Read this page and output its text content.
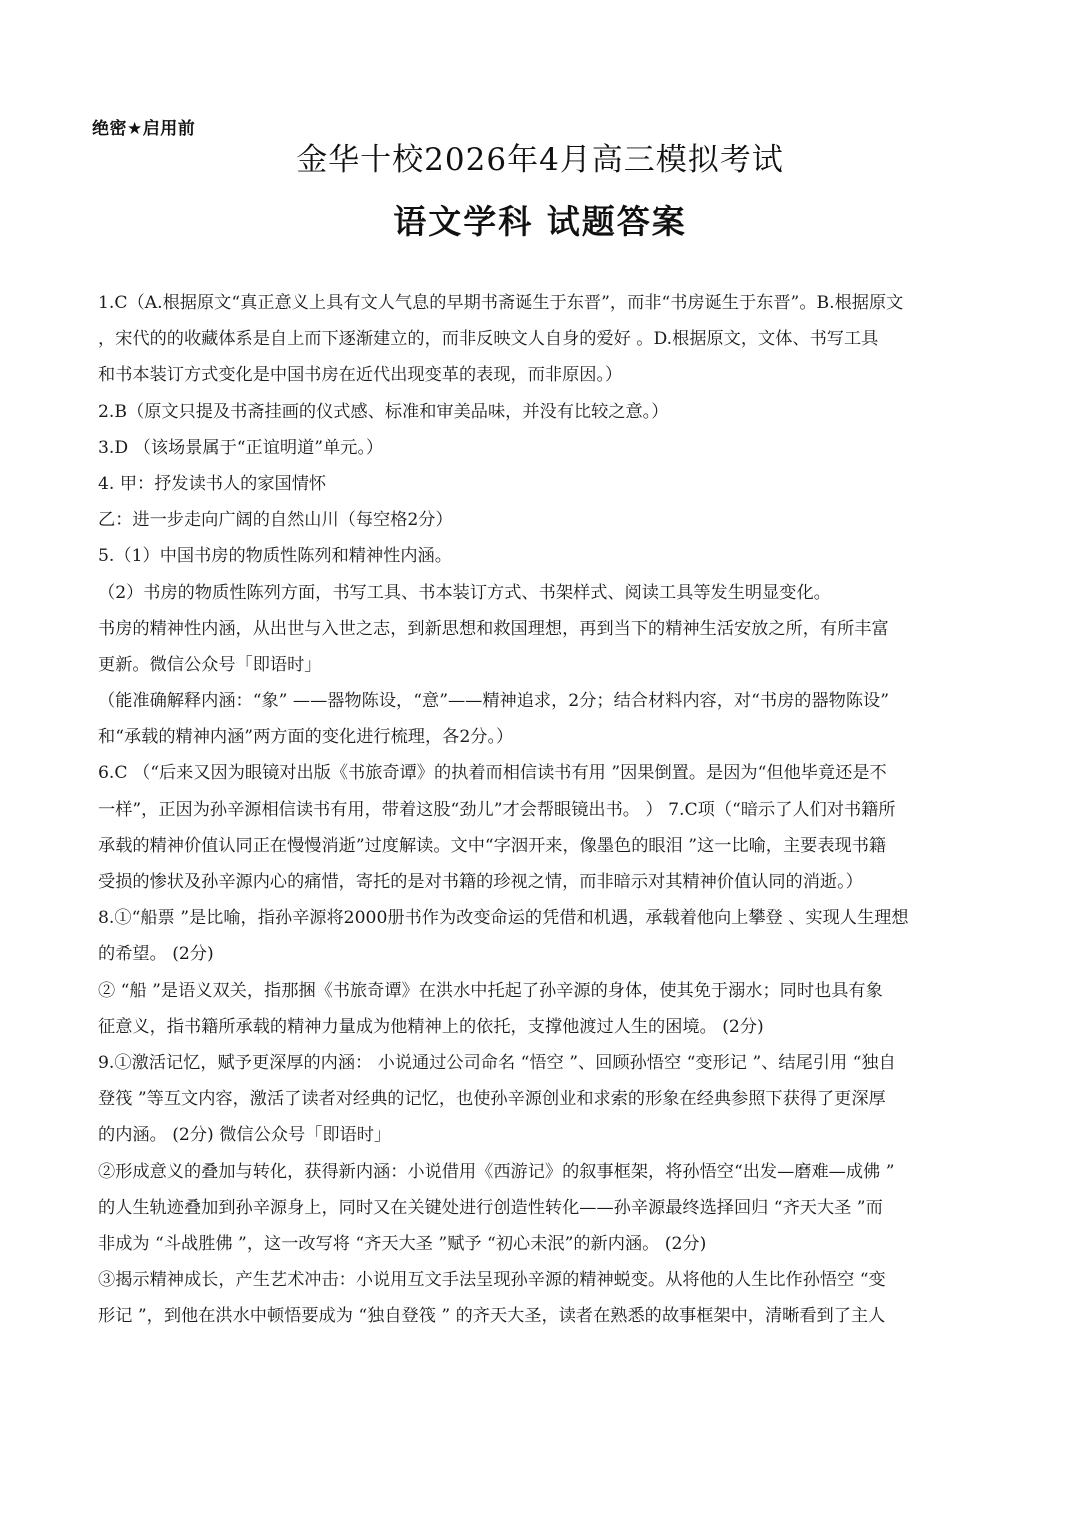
绝密★启用前
金华十校2026年4月高三模拟考试
语文学科 试题答案
1.C（A.根据原文“真正意义上具有文人气息的早期书斋诞生于东晋”，而非“书房诞生于东晋”。B.根据原文
，宋代的的收藏体系是自上而下逐渐建立的，而非反映文人自身的爱好 。D.根据原文，文体、书写工具
和书本装订方式变化是中国书房在近代出现变革的表现，而非原因。）
2.B（原文只提及书斋挂画的仪式感、标准和审美品味，并没有比较之意。）
3.D （该场景属于“正谊明道”单元。）
4. 甲：抒发读书人的家国情怀
乙：进一步走向广阔的自然山川（每空格2分）
5.（1）中国书房的物质性陈列和精神性内涵。
（2）书房的物质性陈列方面，书写工具、书本装订方式、书架样式、阅读工具等发生明显变化。
书房的精神性内涵，从出世与入世之志，到新思想和救国理想，再到当下的精神生活安放之所，有所丰富
更新。微信公众号「即语时」
（能准确解释内涵：“象” ——器物陈设，“意”——精神追求，2分；结合材料内容，对“书房的器物陈设”
和“承载的精神内涵”两方面的变化进行梳理，各2分。）
6.C （“后来又因为眼镜对出版《书旅奇谭》的执着而相信读书有用 ”因果倒置。是因为“但他毕竟还是不
一样”，正因为孙辛源相信读书有用，带着这股“劲儿”才会帮眼镜出书。 ） 7.C项（“暗示了人们对书籍所
承载的精神价值认同正在慢慢消逝”过度解读。文中“字洇开来，像墨色的眼泪 ”这一比喻，主要表现书籍
受损的惨状及孙辛源内心的痛惜，寄托的是对书籍的珍视之情，而非暗示对其精神价值认同的消逝。）
8.①“船票 ”是比喻，指孙辛源将2000册书作为改变命运的凭借和机遇，承载着他向上攀登 、实现人生理想
的希望。 (2分)
② “船 ”是语义双关，指那捆《书旅奇谭》在洪水中托起了孙辛源的身体，使其免于溺水；同时也具有象
征意义，指书籍所承载的精神力量成为他精神上的依托，支撑他渡过人生的困境。 (2分)
9.①激活记忆，赋予更深厚的内涵： 小说通过公司命名 “悟空 ”、回顾孙悟空 “变形记 ”、结尾引用 “独自
登筏 ”等互文内容，激活了读者对经典的记忆，也使孙辛源创业和求索的形象在经典参照下获得了更深厚
的内涵。 (2分) 微信公众号「即语时」
②形成意义的叠加与转化，获得新内涵：小说借用《西游记》的叙事框架，将孙悟空“出发—磨难—成佛 ”
的人生轨迹叠加到孙辛源身上，同时又在关键处进行创造性转化——孙辛源最终选择回归 “齐天大圣 ”而
非成为 “斗战胜佛 ”，这一改写将 “齐天大圣 ”赋予 “初心未泯”的新内涵。 (2分)
③揭示精神成长，产生艺术冲击：小说用互文手法呈现孙辛源的精神蜕变。从将他的人生比作孙悟空 “变
形记 ”，到他在洪水中顿悟要成为 “独自登筏 ” 的齐天大圣，读者在熟悉的故事框架中，清晰看到了主人
